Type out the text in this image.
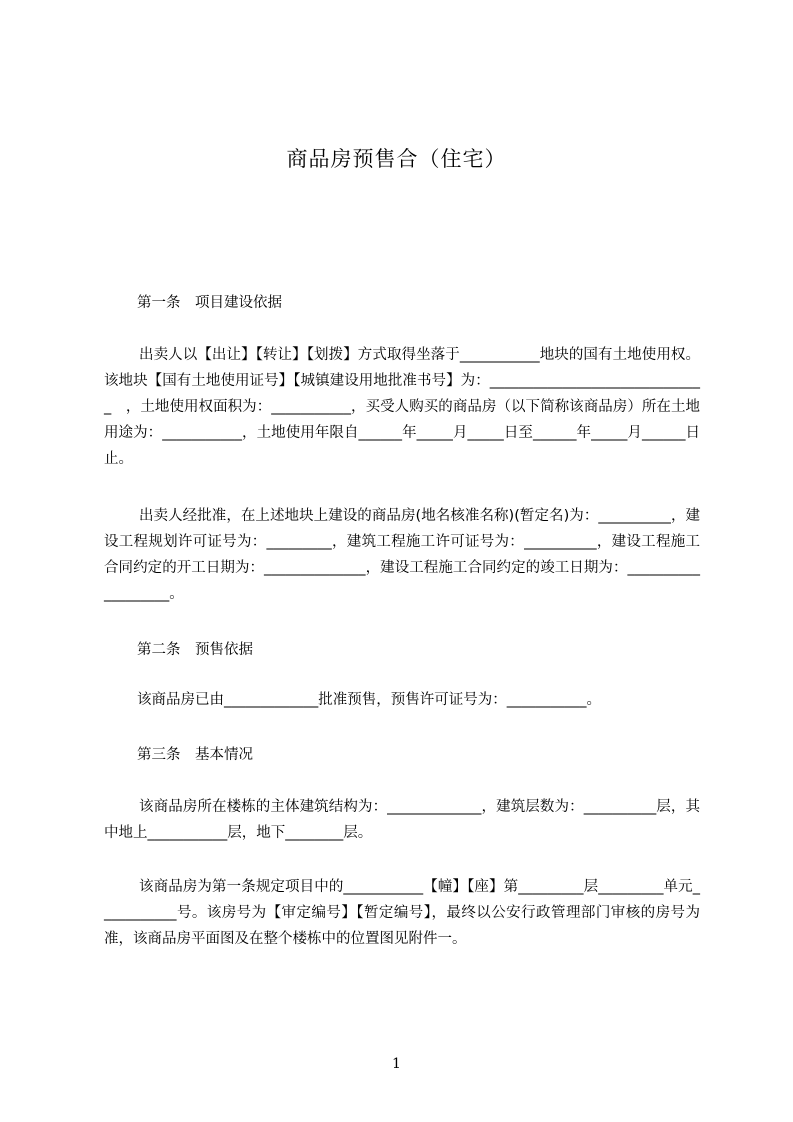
商品房预售合（住宅）
第一条　项目建设依据
出卖人以【出让】【转让】【划拨】方式取得坐落于___________地块的国有土地使用权。该地块【国有土地使用证号】【城镇建设用地批准书号】为：______________________________　，土地使用权面积为：___________，买受人购买的商品房（以下简称该商品房）所在土地用途为：___________，土地使用年限自______年_____月_____日至______年_____月______日止。
出卖人经批准，在上述地块上建设的商品房(地名核准名称)(暂定名)为：__________，建设工程规划许可证号为：_________，建筑工程施工许可证号为：__________，建设工程施工合同约定的开工日期为：______________，建设工程施工合同约定的竣工日期为：___________________。
第二条　预售依据
该商品房已由_____________批准预售，预售许可证号为：___________。
第三条　基本情况
该商品房所在楼栋的主体建筑结构为：_____________，建筑层数为：__________层，其中地上___________层，地下________层。
该商品房为第一条规定项目中的___________【幢】【座】第_________层_________单元___________号。该房号为【审定编号】【暂定编号】，最终以公安行政管理部门审核的房号为准，该商品房平面图及在整个楼栋中的位置图见附件一。
1
